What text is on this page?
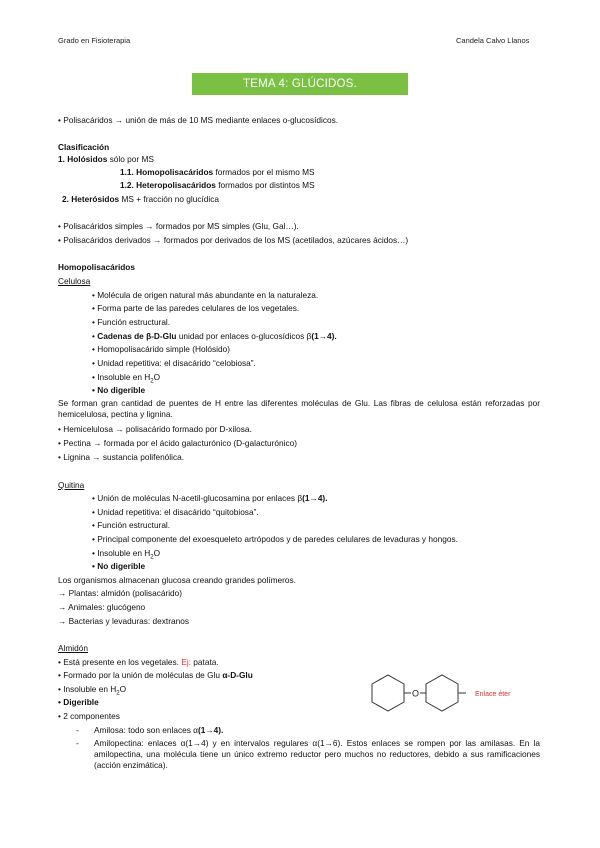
Grado en Fisioterapia	Candela Calvo Llanos
TEMA 4: GLÚCIDOS. POLISACÁRIDOS.
• Polisacáridos → unión de más de 10 MS mediante enlaces o-glucosídicos.
Clasificación
1. Holósidos sólo por MS
1.1. Homopolisacáridos formados por el mismo MS
1.2. Heteropolisacáridos formados por distintos MS
2. Heterósidos MS + fracción no glucídica
• Polisacáridos simples → formados por MS simples (Glu, Gal…).
• Polisacáridos derivados → formados por derivados de los MS (acetilados, azúcares ácidos…)
Homopolisacáridos
Celulosa
• Molécula de origen natural más abundante en la naturaleza.
• Forma parte de las paredes celulares de los vegetales.
• Función estructural.
• Cadenas de β-D-Glu unidad por enlaces o-glucosídicos β(1→4).
• Homopolisacárido simple (Holósido)
• Unidad repetitiva: el disacárido “celobiosa”.
• Insoluble en $H_2O$
• No digerible
Se forman gran cantidad de puentes de H entre las diferentes moléculas de Glu. Las fibras de celulosa están reforzadas por hemicelulosa, pectina y lignina.
• Hemicelulosa → polisacárido formado por D-xilosa.
• Pectina → formada por el ácido galacturónico (D-galacturónico)
• Lignina → sustancia polifenólica.
Quitina
• Unión de moléculas N-acetil-glucosamina por enlaces β(1→4).
• Unidad repetitiva: el disacárido “quitobiosa”.
• Función estructural.
• Principal componente del exoesqueleto artrópodos y de paredes celulares de levaduras y hongos.
• Insoluble en $H_2O$
• No digerible
Los organismos almacenan glucosa creando grandes polímeros.
→ Plantas: almidón (polisacárido)
→ Animales: glucógeno
→ Bacterias y levaduras: dextranos
Almidón
• Está presente en los vegetales. Ej: patata.
• Formado por la unión de moléculas de Glu α-D-Glu
• Insoluble en $H_2O$
• Digerible
• 2 componentes
- Amilosa: todo son enlaces α(1→4).
- Amilopectina: enlaces α(1→4) y en intervalos regulares α(1→6). Estos enlaces se rompen por las amilasas. En la amilopectina, una molécula tiene un único extremo reductor pero muchos no reductores, debido a sus ramificaciones (acción enzimática).
O	Enlace éter
